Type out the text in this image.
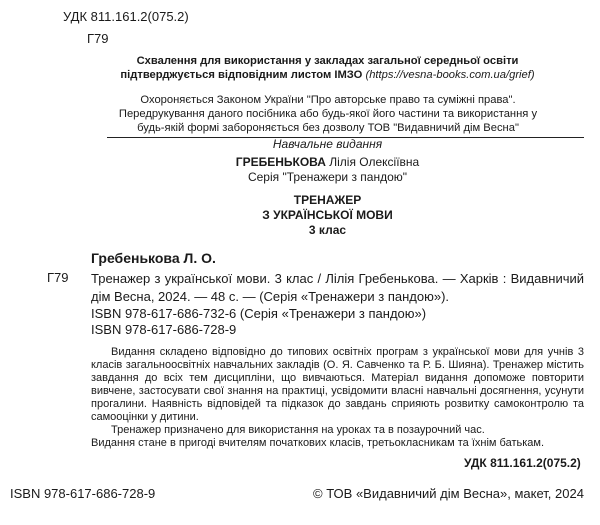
УДК 811.161.2(075.2)
Г79
Схвалення для використання у закладах загальної середньої освіти
підтверджується відповідним листом ІМЗО (https://vesna-books.com.ua/grief)
Охороняється Законом України "Про авторське право та суміжні права". Передрукування даного посібника або будь-якої його частини та використання у будь-якій формі забороняється без дозволу ТОВ "Видавничий дім Весна"
Навчальне видання
ГРЕБЕНЬКОВА Лілія Олексіївна
Серія "Тренажери з пандою"
ТРЕНАЖЕР
З УКРАЇНСЬКОЇ МОВИ
3 клас
Гребенькова Л. О.
Г79 Тренажер з української мови. 3 клас / Лілія Гребенькова. — Харків : Видавничий дім Весна, 2024. — 48 с. — (Серія «Тренажери з пандою»).
ISBN 978-617-686-732-6 (Серія «Тренажери з пандою»)
ISBN 978-617-686-728-9
Видання складено відповідно до типових освітніх програм з української мови для учнів 3 класів загальноосвітніх навчальних закладів (О. Я. Савченко та Р. Б. Шияна). Тренажер містить завдання до всіх тем дисципліни, що вивчаються. Матеріал видання допоможе повторити вивчене, застосувати свої знання на практиці, усвідомити власні навчальні досягнення, усунути прогалини. Наявність відповідей та підказок до завдань сприяють розвитку самоконтролю та самооцінки у дитини.
Тренажер призначено для використання на уроках та в позаурочний час.
Видання стане в пригоді вчителям початкових класів, третьокласникам та їхнім батькам.
УДК 811.161.2(075.2)
ISBN 978-617-686-728-9	© ТОВ «Видавничий дім Весна», макет, 2024
